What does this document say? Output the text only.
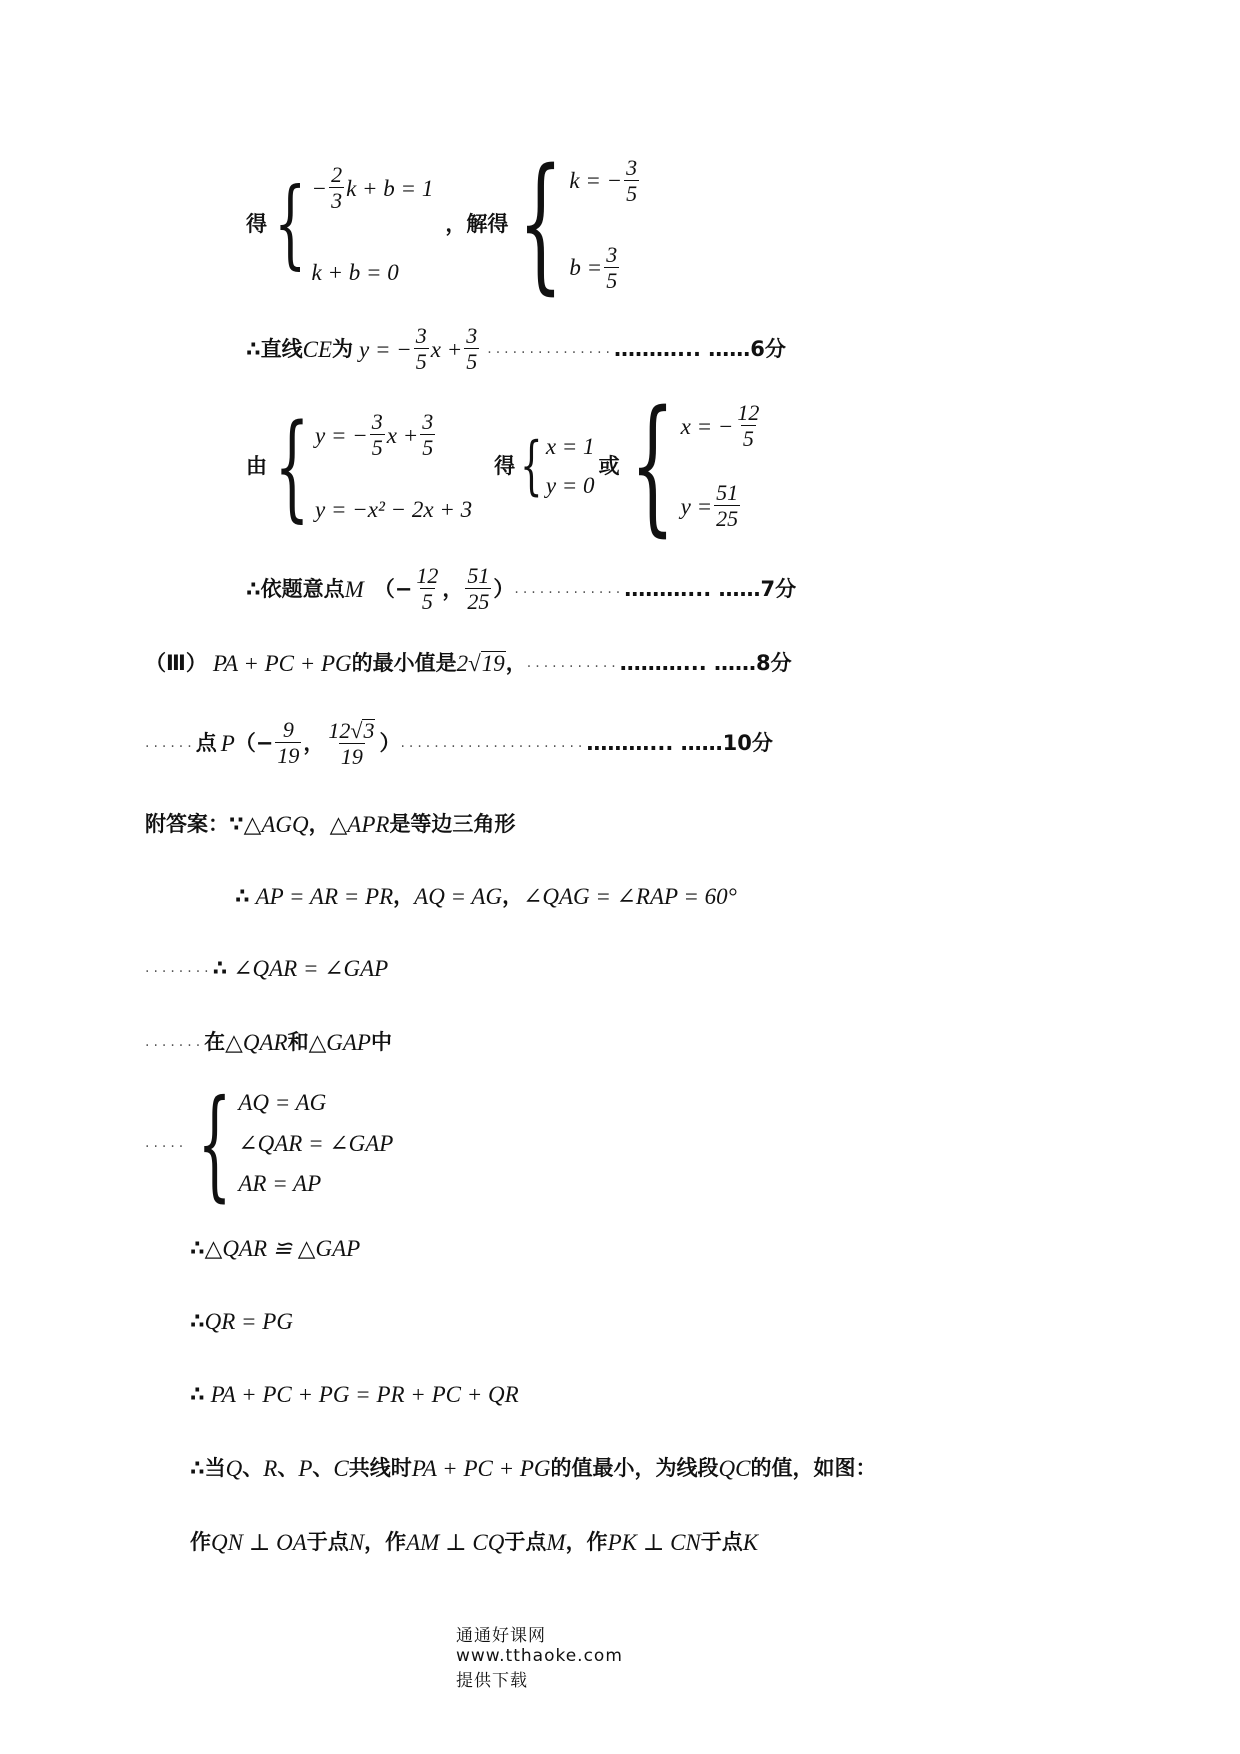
得 { − $\frac{2}{3}$ k + b = 1
k + b = 0
，解得 { k = − $\frac{3}{5}$
$b = \frac{3}{5}$
∴ 直线 CE 为 y = − $\frac{3}{5}$ $x + \frac{3}{5}$ ............... ………... ……6 分
由 { y = − $\frac{3}{5}$ $x + \frac{3}{5}$
y = −x² − 2x + 3
得 { x = 1
y = 0
或 { x = − $\frac{12}{5}$
$y = \frac{51}{25}$
∴ 依题意点 M （− $\frac{12}{5}$ ， $\frac{51}{25}$ ） ............. ………... ……7 分
（Ⅲ） PA + PC + PG 的最小值是 2 √ 19 ， ........... ………... ……8 分
...... 点 P （− $\frac{9}{19}$ ， $\frac{12 √ 3}{19}$ ） ...................... ………... ……10 分
附答案： ∵ △AGQ ， △APR 是等边三角形
∴ AP = AR = PR ， AQ = AG ， ∠QAG = ∠RAP = 60°
........ ∴ ∠QAR = ∠GAP
....... 在 △QAR 和 △GAP 中
..... { AQ = AG
∠QAR = ∠GAP
AR = AP
∴ △QAR ≌ △GAP
∴ QR = PG
∴ PA + PC + PG = PR + PC + QR
∴ 当 Q 、 R 、 P 、 C 共线时 PA + PC + PG 的值最小，为线段 QC 的值，如图：
作 QN ⊥ OA 于点 N ，作 AM ⊥ CQ 于点 M ，作 PK ⊥ CN 于点 K
通通好课网 www.tthaoke.com 提供下载
